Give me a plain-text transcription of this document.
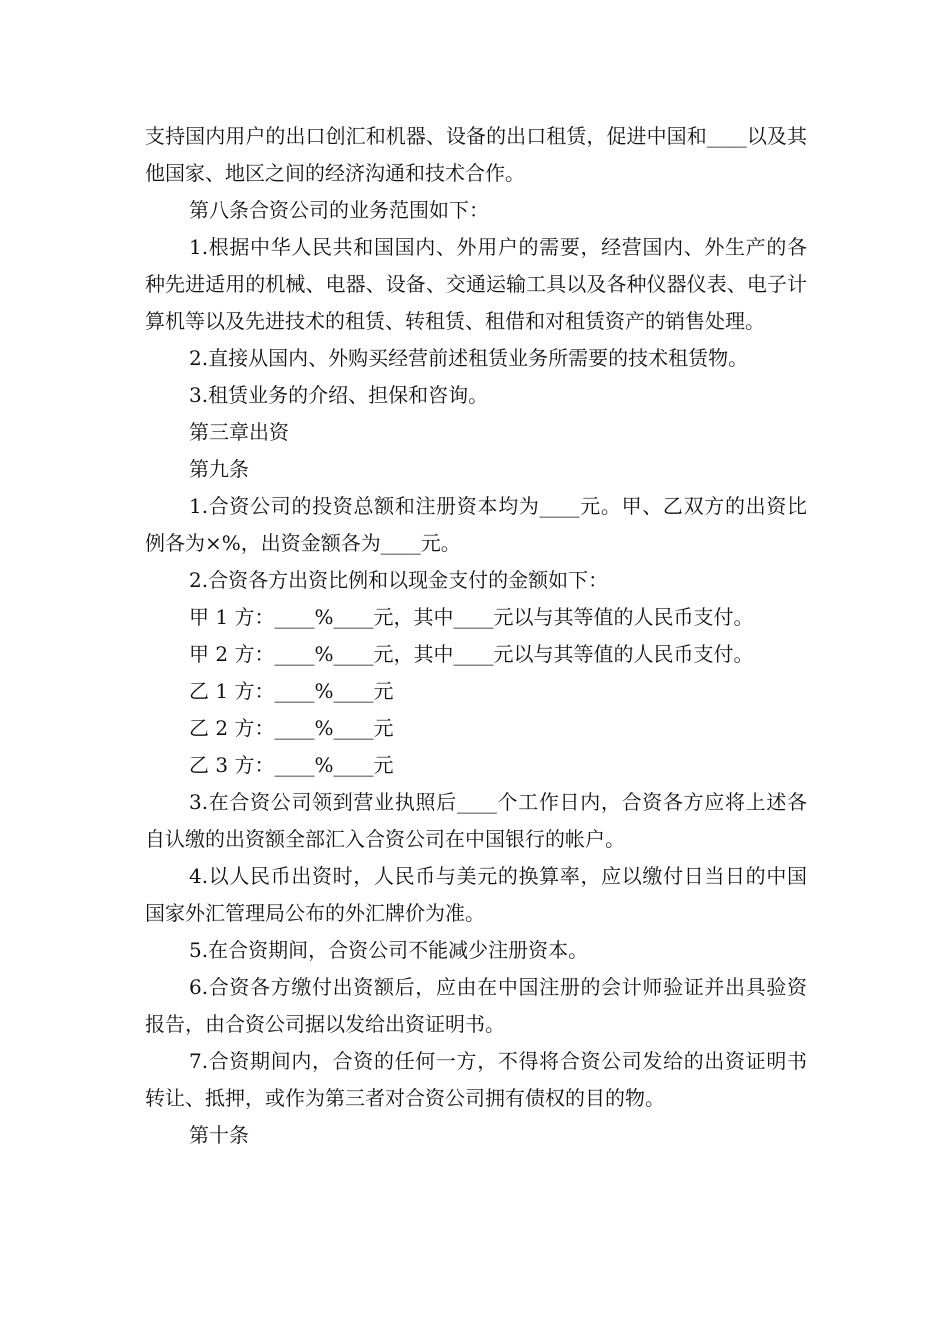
支持国内用户的出口创汇和机器、设备的出口租赁，促进中国和____以及其他国家、地区之间的经济沟通和技术合作。

第八条合资公司的业务范围如下：

1.根据中华人民共和国国内、外用户的需要，经营国内、外生产的各种先进适用的机械、电器、设备、交通运输工具以及各种仪器仪表、电子计算机等以及先进技术的租赁、转租赁、租借和对租赁资产的销售处理。

2.直接从国内、外购买经营前述租赁业务所需要的技术租赁物。

3.租赁业务的介绍、担保和咨询。

第三章出资

第九条

1.合资公司的投资总额和注册资本均为____元。甲、乙双方的出资比例各为×%，出资金额各为____元。

2.合资各方出资比例和以现金支付的金额如下：

甲 1 方：____%____元，其中____元以与其等值的人民币支付。

甲 2 方：____%____元，其中____元以与其等值的人民币支付。

乙 1 方：____%____元

乙 2 方：____%____元

乙 3 方：____%____元

3.在合资公司领到营业执照后____个工作日内，合资各方应将上述各自认缴的出资额全部汇入合资公司在中国银行的帐户。

4.以人民币出资时，人民币与美元的换算率，应以缴付日当日的中国国家外汇管理局公布的外汇牌价为准。

5.在合资期间，合资公司不能减少注册资本。

6.合资各方缴付出资额后，应由在中国注册的会计师验证并出具验资报告，由合资公司据以发给出资证明书。

7.合资期间内，合资的任何一方，不得将合资公司发给的出资证明书转让、抵押，或作为第三者对合资公司拥有债权的目的物。

第十条
